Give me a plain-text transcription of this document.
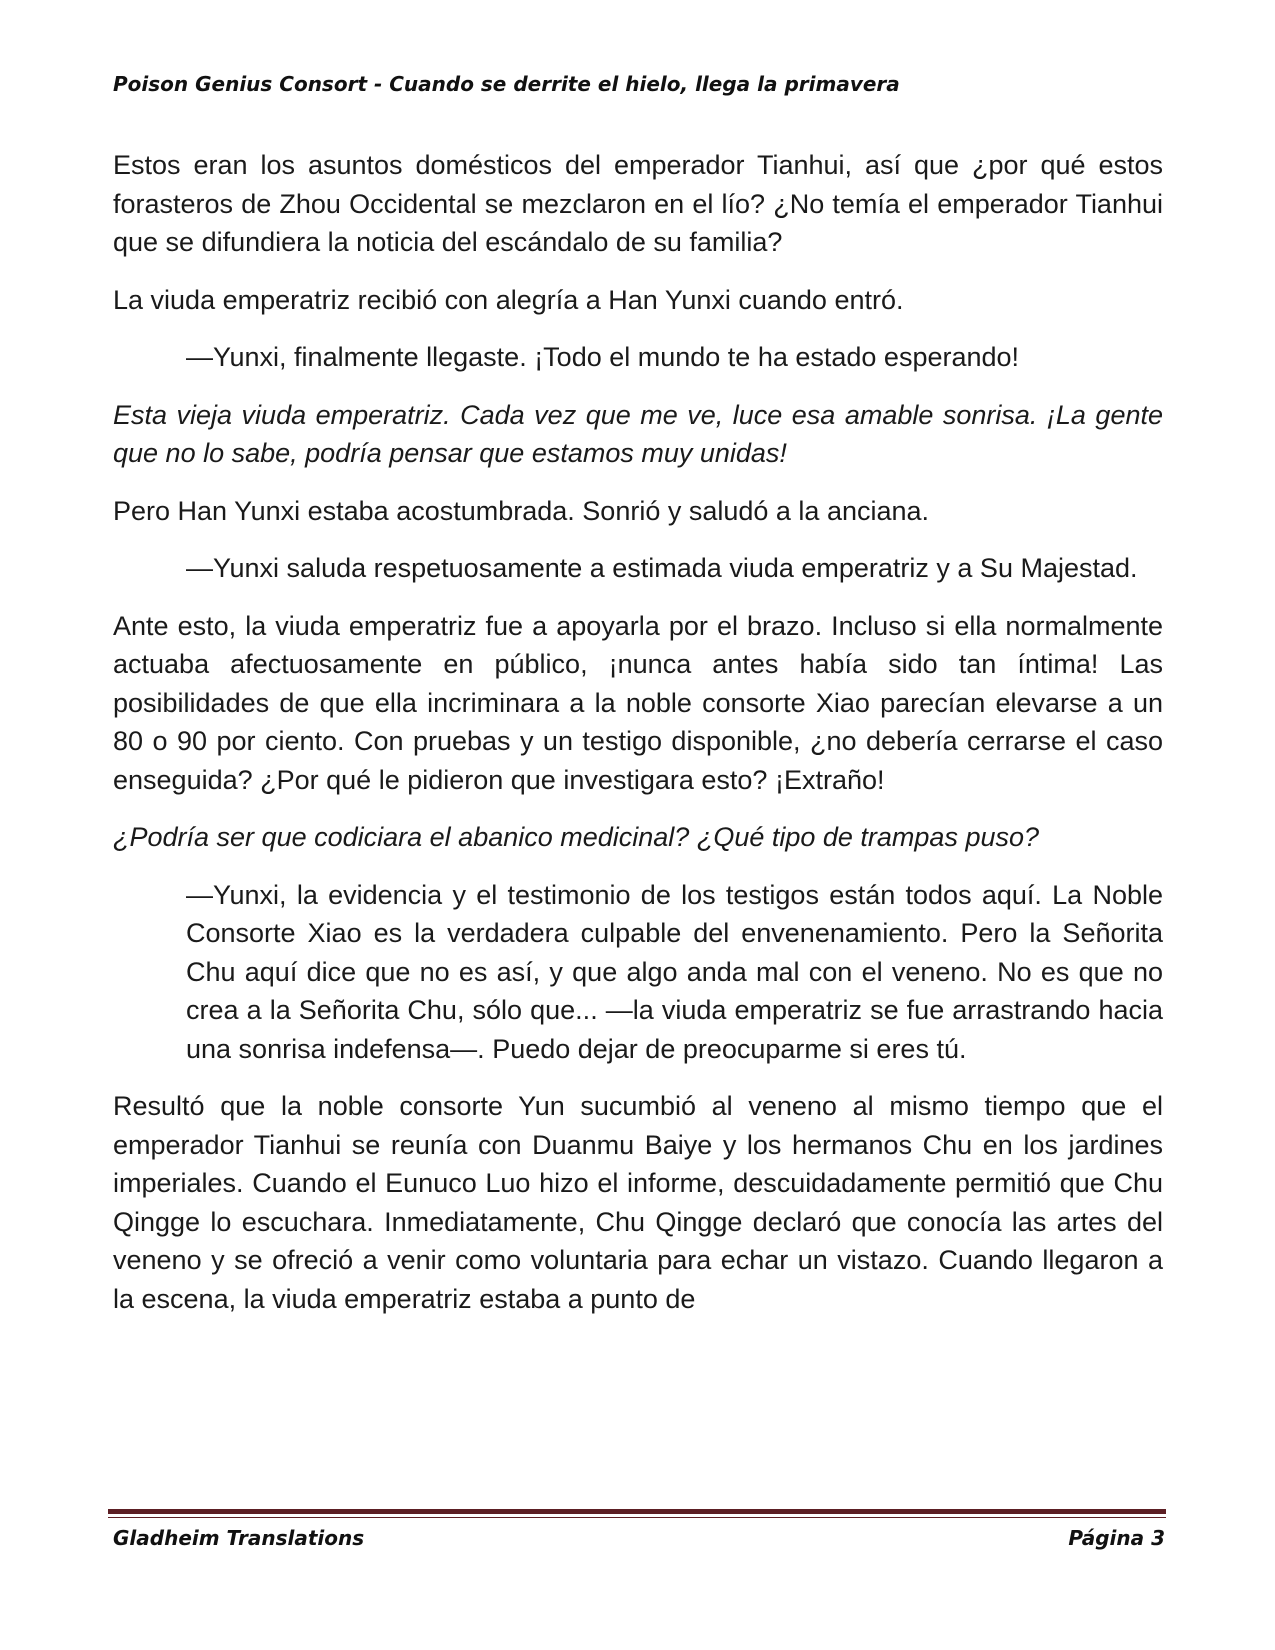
Poison Genius Consort - Cuando se derrite el hielo, llega la primavera

Estos eran los asuntos domésticos del emperador Tianhui, así que ¿por qué estos forasteros de Zhou Occidental se mezclaron en el lío? ¿No temía el emperador Tianhui que se difundiera la noticia del escándalo de su familia?

La viuda emperatriz recibió con alegría a Han Yunxi cuando entró.

—Yunxi, finalmente llegaste. ¡Todo el mundo te ha estado esperando!

Esta vieja viuda emperatriz. Cada vez que me ve, luce esa amable sonrisa. ¡La gente que no lo sabe, podría pensar que estamos muy unidas!

Pero Han Yunxi estaba acostumbrada. Sonrió y saludó a la anciana.

—Yunxi saluda respetuosamente a estimada viuda emperatriz y a Su Majestad.

Ante esto, la viuda emperatriz fue a apoyarla por el brazo. Incluso si ella normalmente actuaba afectuosamente en público, ¡nunca antes había sido tan íntima! Las posibilidades de que ella incriminara a la noble consorte Xiao parecían elevarse a un 80 o 90 por ciento. Con pruebas y un testigo disponible, ¿no debería cerrarse el caso enseguida? ¿Por qué le pidieron que investigara esto? ¡Extraño!

¿Podría ser que codiciara el abanico medicinal? ¿Qué tipo de trampas puso?

—Yunxi, la evidencia y el testimonio de los testigos están todos aquí. La Noble Consorte Xiao es la verdadera culpable del envenenamiento. Pero la Señorita Chu aquí dice que no es así, y que algo anda mal con el veneno. No es que no crea a la Señorita Chu, sólo que... —la viuda emperatriz se fue arrastrando hacia una sonrisa indefensa—. Puedo dejar de preocuparme si eres tú.

Resultó que la noble consorte Yun sucumbió al veneno al mismo tiempo que el emperador Tianhui se reunía con Duanmu Baiye y los hermanos Chu en los jardines imperiales. Cuando el Eunuco Luo hizo el informe, descuidadamente permitió que Chu Qingge lo escuchara. Inmediatamente, Chu Qingge declaró que conocía las artes del veneno y se ofreció a venir como voluntaria para echar un vistazo. Cuando llegaron a la escena, la viuda emperatriz estaba a punto de

Gladheim Translations	Página 3
